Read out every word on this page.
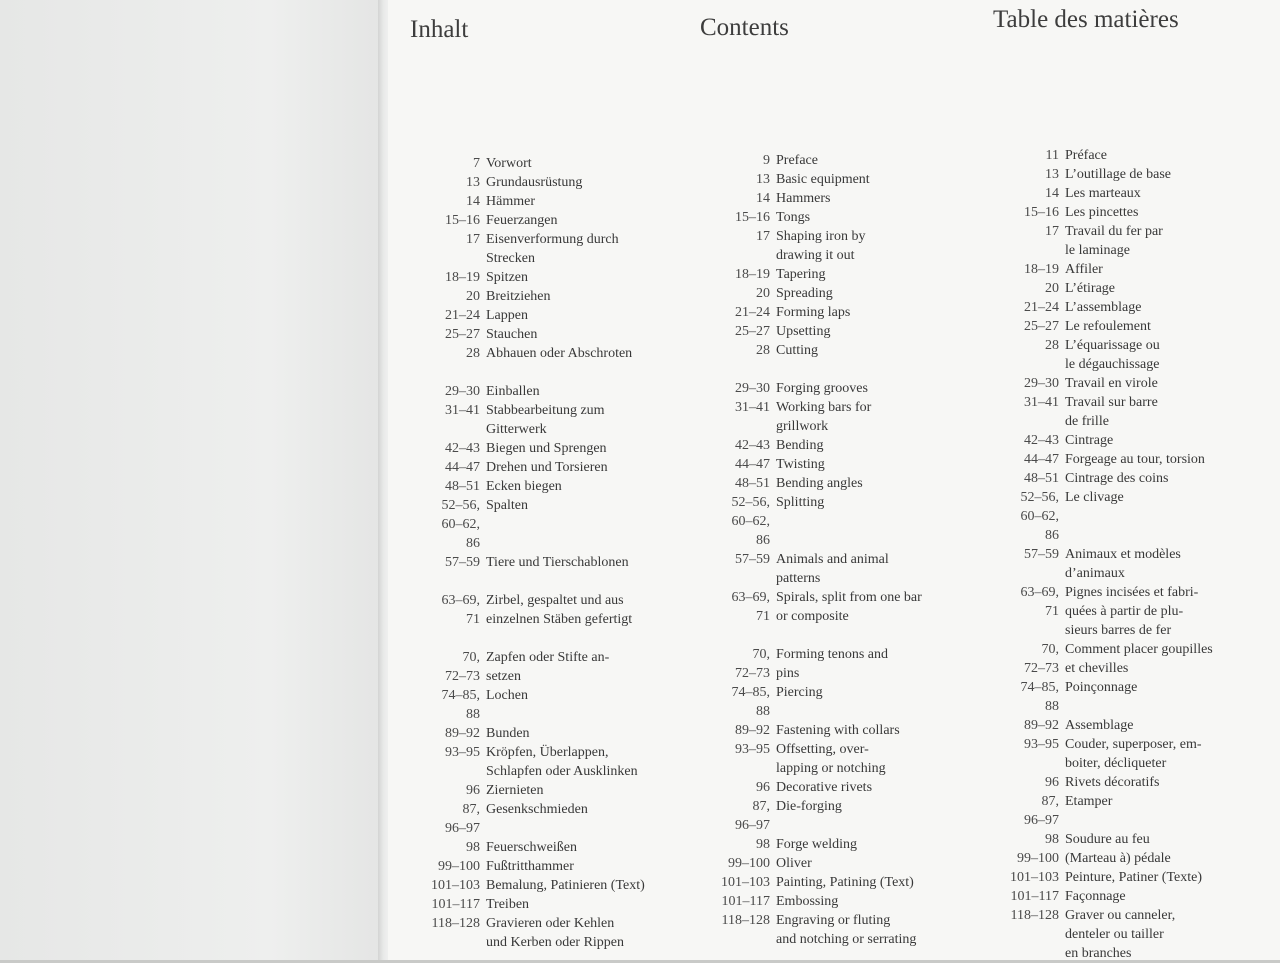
Inhalt	Contents	Table des matières
7 Vorwort
13 Grundausrüstung
14 Hämmer
15–16 Feuerzangen
17 Eisenverformung durch
Strecken
18–19 Spitzen
20 Breitziehen
21–24 Lappen
25–27 Stauchen
28 Abhauen oder Abschroten
29–30 Einballen
31–41 Stabbearbeitung zum
Gitterwerk
42–43 Biegen und Sprengen
44–47 Drehen und Torsieren
48–51 Ecken biegen
52–56, Spalten
60–62,
86
57–59 Tiere und Tierschablonen
63–69, Zirbel, gespaltet und aus
71 einzelnen Stäben gefertigt
70, Zapfen oder Stifte an-
72–73 setzen
74–85, Lochen
88
89–92 Bunden
93–95 Kröpfen, Überlappen,
Schlapfen oder Ausklinken
96 Ziernieten
87, Gesenkschmieden
96–97
98 Feuerschweißen
99–100 Fußtritthammer
101–103 Bemalung, Patinieren (Text)
101–117 Treiben
118–128 Gravieren oder Kehlen
und Kerben oder Rippen
9 Preface
13 Basic equipment
14 Hammers
15–16 Tongs
17 Shaping iron by
drawing it out
18–19 Tapering
20 Spreading
21–24 Forming laps
25–27 Upsetting
28 Cutting
29–30 Forging grooves
31–41 Working bars for
grillwork
42–43 Bending
44–47 Twisting
48–51 Bending angles
52–56, Splitting
60–62,
86
57–59 Animals and animal
patterns
63–69, Spirals, split from one bar
71 or composite
70, Forming tenons and
72–73 pins
74–85, Piercing
88
89–92 Fastening with collars
93–95 Offsetting, over-
lapping or notching
96 Decorative rivets
87, Die-forging
96–97
98 Forge welding
99–100 Oliver
101–103 Painting, Patining (Text)
101–117 Embossing
118–128 Engraving or fluting
and notching or serrating
11 Préface
13 L’outillage de base
14 Les marteaux
15–16 Les pincettes
17 Travail du fer par
le laminage
18–19 Affiler
20 L’étirage
21–24 L’assemblage
25–27 Le refoulement
28 L’équarissage ou
le dégauchissage
29–30 Travail en virole
31–41 Travail sur barre
de frille
42–43 Cintrage
44–47 Forgeage au tour, torsion
48–51 Cintrage des coins
52–56, Le clivage
60–62,
86
57–59 Animaux et modèles
d’animaux
63–69, Pignes incisées et fabri-
71 quées à partir de plu-
sieurs barres de fer
70, Comment placer goupilles
72–73 et chevilles
74–85, Poinçonnage
88
89–92 Assemblage
93–95 Couder, superposer, em-
boiter, décliqueter
96 Rivets décoratifs
87, Etamper
96–97
98 Soudure au feu
99–100 (Marteau à) pédale
101–103 Peinture, Patiner (Texte)
101–117 Façonnage
118–128 Graver ou canneler,
denteler ou tailler
en branches
